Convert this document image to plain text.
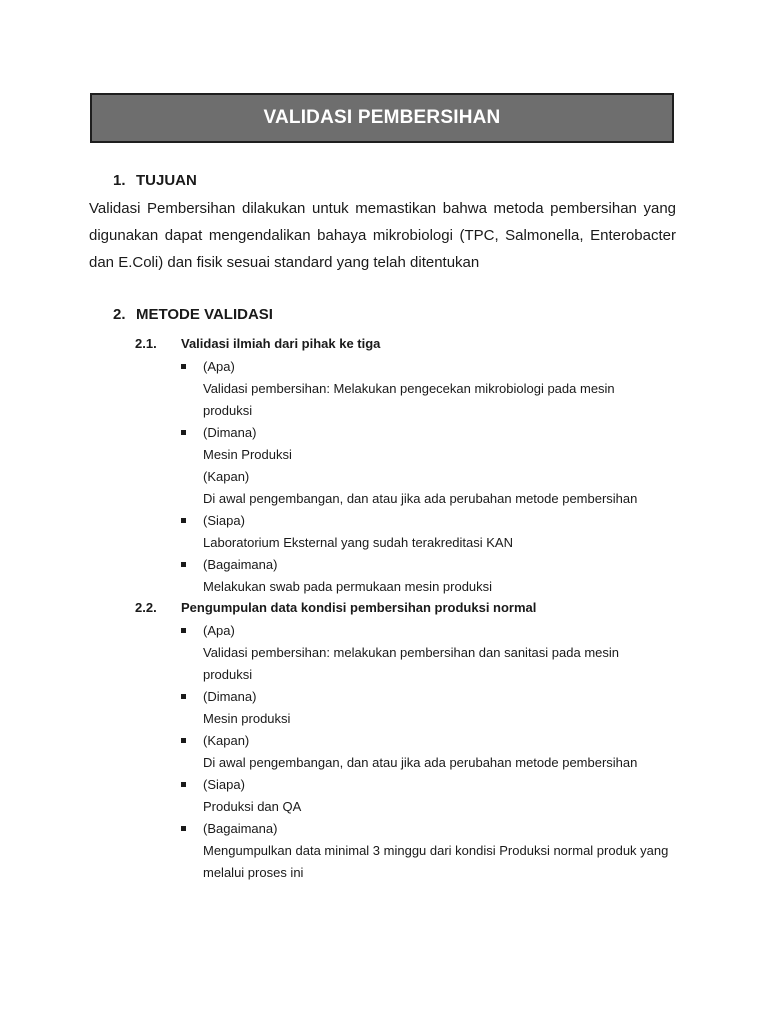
VALIDASI PEMBERSIHAN
1. TUJUAN
Validasi Pembersihan dilakukan untuk memastikan bahwa metoda pembersihan yang digunakan dapat mengendalikan bahaya mikrobiologi (TPC, Salmonella, Enterobacter dan E.Coli) dan fisik sesuai standard yang telah ditentukan
2. METODE VALIDASI
2.1.	Validasi ilmiah dari pihak ke tiga
(Apa)
Validasi pembersihan: Melakukan pengecekan mikrobiologi pada mesin produksi
(Dimana)
Mesin Produksi
(Kapan)
Di awal pengembangan, dan atau jika ada perubahan metode pembersihan
(Siapa)
Laboratorium Eksternal yang sudah terakreditasi KAN
(Bagaimana)
Melakukan swab pada permukaan mesin produksi
2.2.	Pengumpulan data kondisi pembersihan produksi normal
(Apa)
Validasi pembersihan: melakukan pembersihan dan sanitasi pada mesin produksi
(Dimana)
Mesin produksi
(Kapan)
Di awal pengembangan, dan atau jika ada perubahan metode pembersihan
(Siapa)
Produksi dan QA
(Bagaimana)
Mengumpulkan data minimal 3 minggu dari kondisi Produksi normal produk yang melalui proses ini
